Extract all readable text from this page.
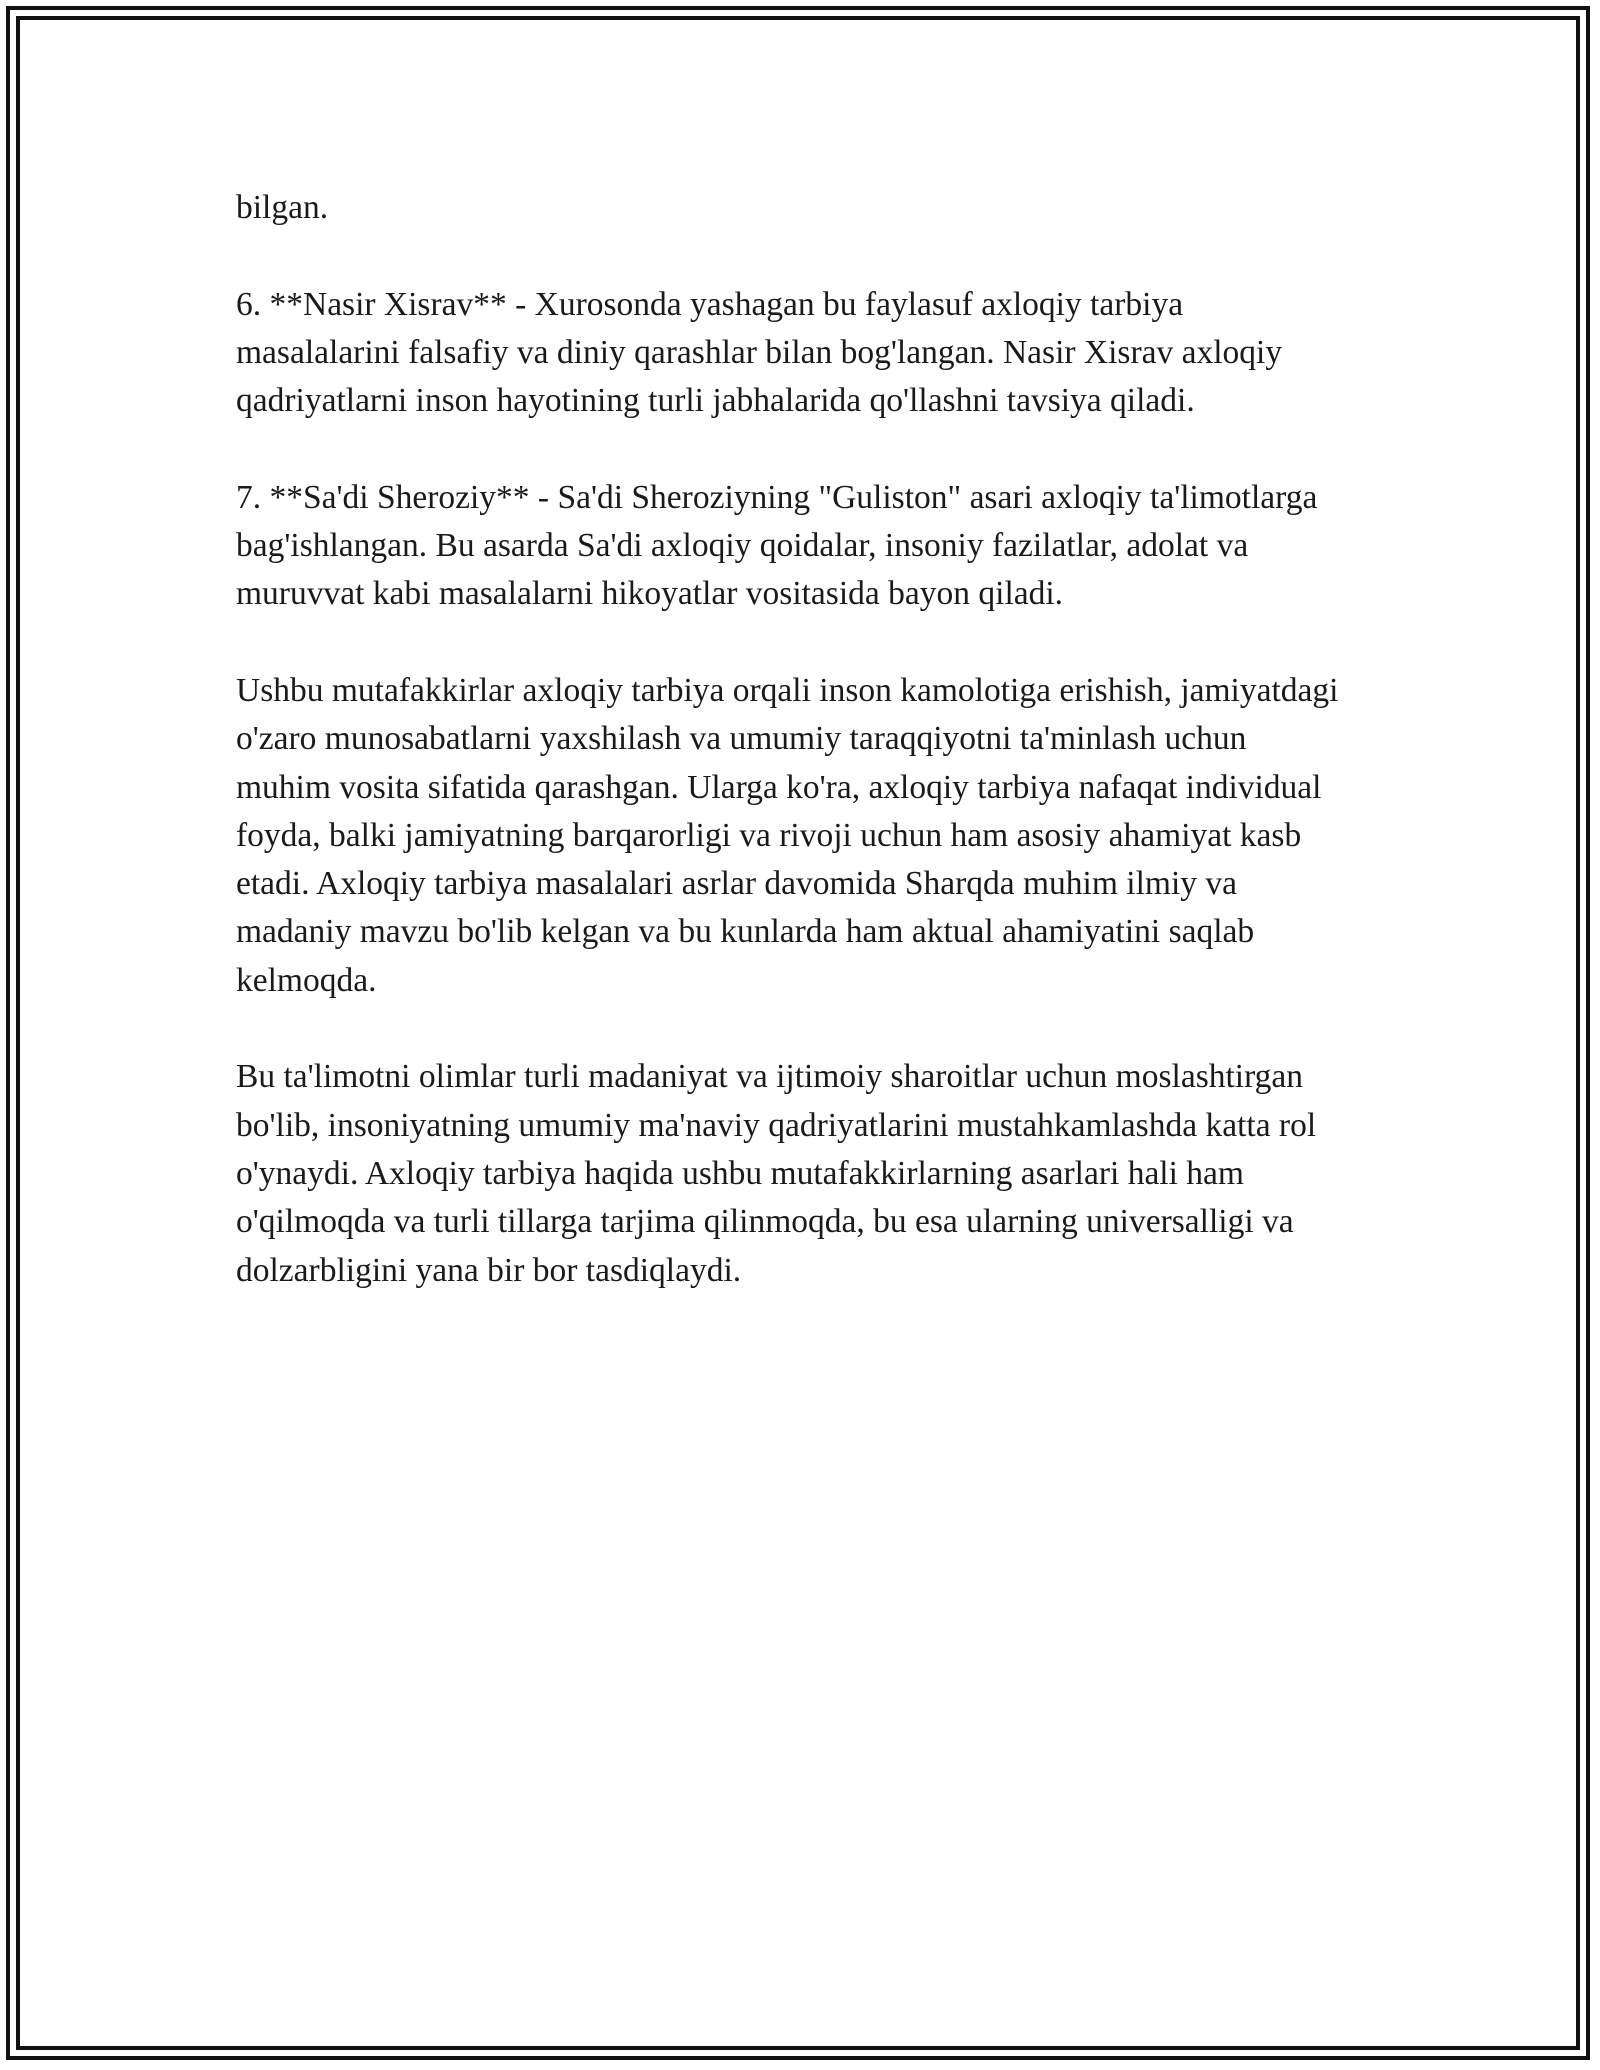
bilgan.

6. **Nasir Xisrav** - Xurosonda yashagan bu faylasuf axloqiy tarbiya masalalarini falsafiy va diniy qarashlar bilan bog'langan. Nasir Xisrav axloqiy qadriyatlarni inson hayotining turli jabhalarida qo'llashni tavsiya qiladi.

7. **Sa'di Sheroziy** - Sa'di Sheroziyning "Guliston" asari axloqiy ta'limotlarga bag'ishlangan. Bu asarda Sa'di axloqiy qoidalar, insoniy fazilatlar, adolat va muruvvat kabi masalalarni hikoyatlar vositasida bayon qiladi.

Ushbu mutafakkirlar axloqiy tarbiya orqali inson kamolotiga erishish, jamiyatdagi o'zaro munosabatlarni yaxshilash va umumiy taraqqiyotni ta'minlash uchun muhim vosita sifatida qarashgan. Ularga ko'ra, axloqiy tarbiya nafaqat individual foyda, balki jamiyatning barqarorligi va rivoji uchun ham asosiy ahamiyat kasb etadi. Axloqiy tarbiya masalalari asrlar davomida Sharqda muhim ilmiy va madaniy mavzu bo'lib kelgan va bu kunlarda ham aktual ahamiyatini saqlab kelmoqda.

Bu ta'limotni olimlar turli madaniyat va ijtimoiy sharoitlar uchun moslashtirgan bo'lib, insoniyatning umumiy ma'naviy qadriyatlarini mustahkamlashda katta rol o'ynaydi. Axloqiy tarbiya haqida ushbu mutafakkirlarning asarlari hali ham o'qilmoqda va turli tillarga tarjima qilinmoqda, bu esa ularning universalligi va dolzarbligini yana bir bor tasdiqlaydi.
